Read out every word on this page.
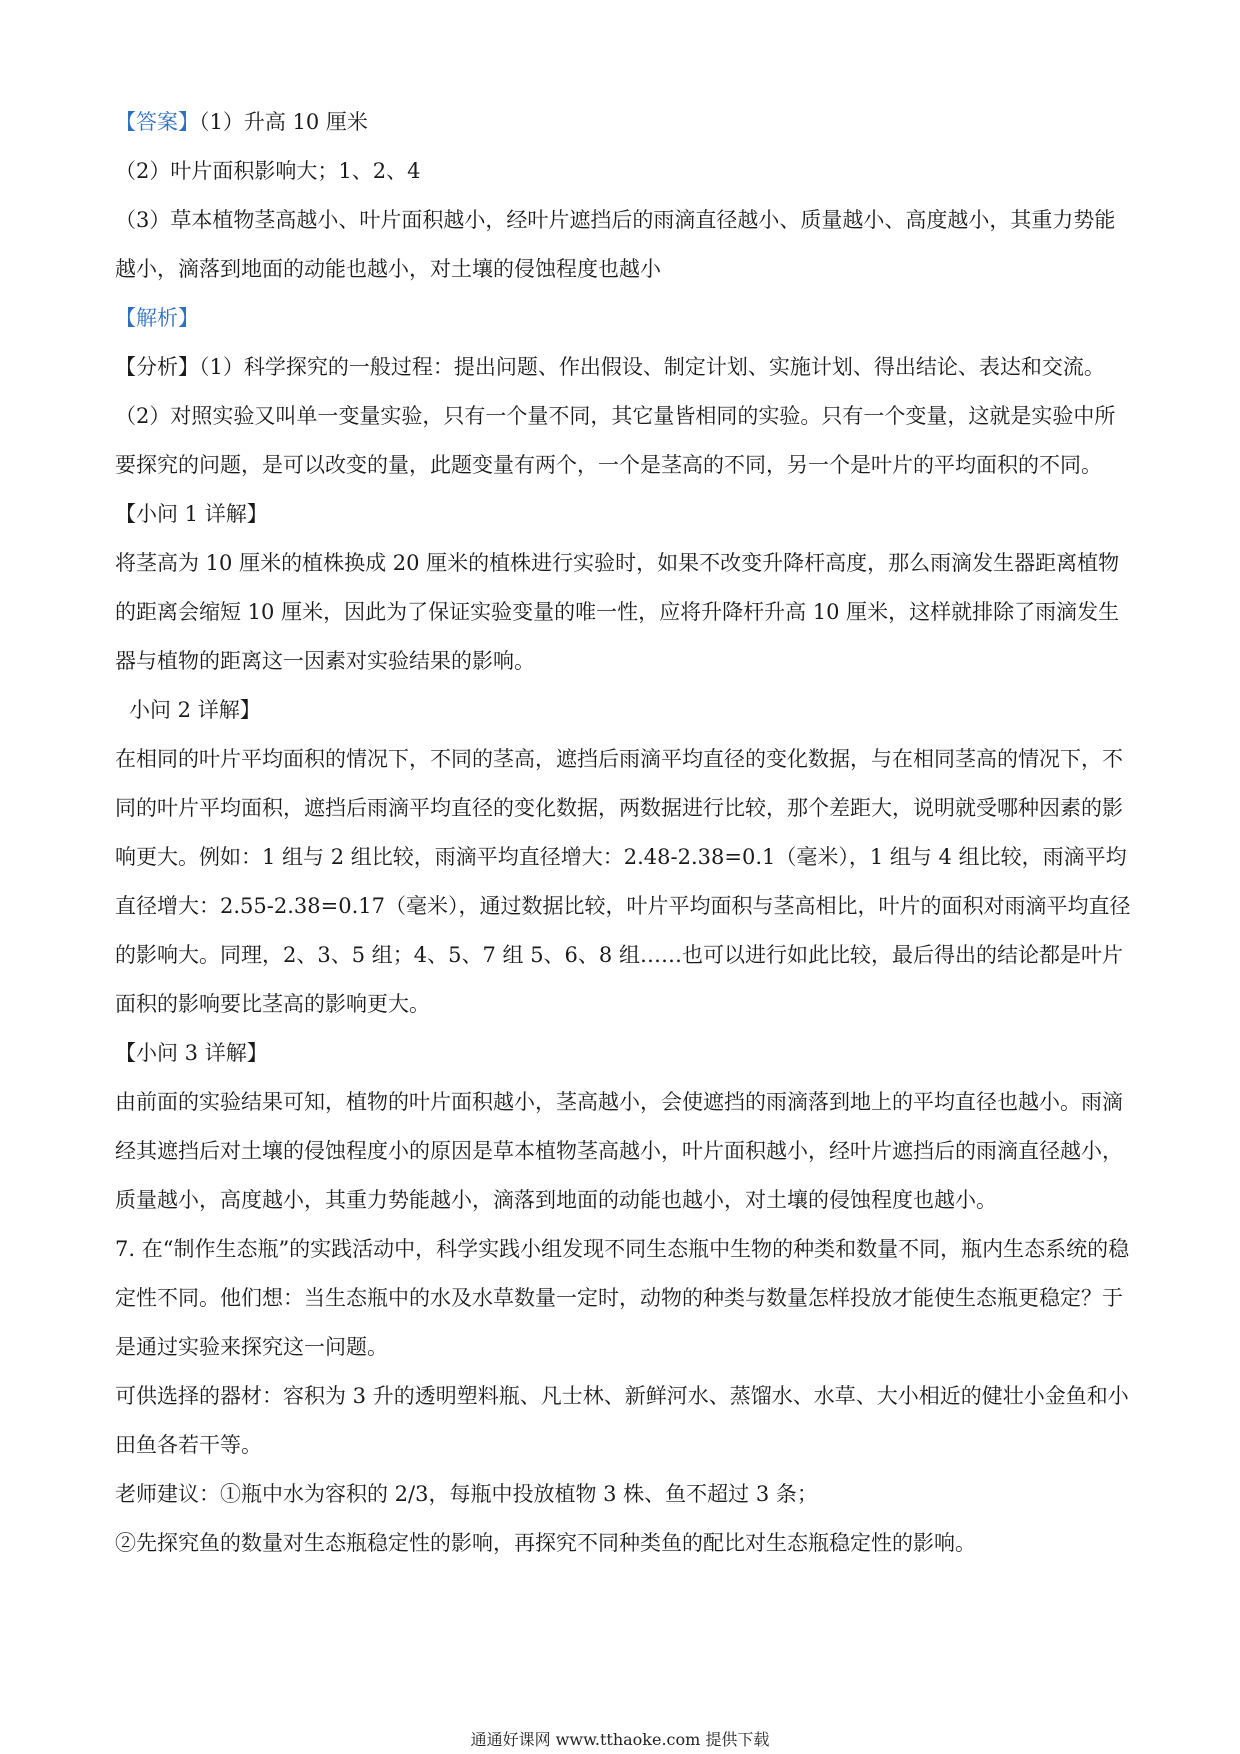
【答案】（1）升高 10 厘米

（2）叶片面积影响大；1、2、4

（3）草本植物茎高越小、叶片面积越小，经叶片遮挡后的雨滴直径越小、质量越小、高度越小，其重力势能越小，滴落到地面的动能也越小，对土壤的侵蚀程度也越小

【解析】

【分析】（1）科学探究的一般过程：提出问题、作出假设、制定计划、实施计划、得出结论、表达和交流。

（2）对照实验又叫单一变量实验，只有一个量不同，其它量皆相同的实验。只有一个变量，这就是实验中所要探究的问题，是可以改变的量，此题变量有两个，一个是茎高的不同，另一个是叶片的平均面积的不同。

【小问 1 详解】

将茎高为 10 厘米的植株换成 20 厘米的植株进行实验时，如果不改变升降杆高度，那么雨滴发生器距离植物的距离会缩短 10 厘米，因此为了保证实验变量的唯一性，应将升降杆升高 10 厘米，这样就排除了雨滴发生器与植物的距离这一因素对实验结果的影响。

小问 2 详解】

在相同的叶片平均面积的情况下，不同的茎高，遮挡后雨滴平均直径的变化数据，与在相同茎高的情况下，不同的叶片平均面积，遮挡后雨滴平均直径的变化数据，两数据进行比较，那个差距大，说明就受哪种因素的影响更大。例如：1 组与 2 组比较，雨滴平均直径增大：2.48-2.38=0.1（毫米），1 组与 4 组比较，雨滴平均直径增大：2.55-2.38=0.17（毫米），通过数据比较，叶片平均面积与茎高相比，叶片的面积对雨滴平均直径的影响大。同理，2、3、5 组；4、5、7 组 5、6、8 组……也可以进行如此比较，最后得出的结论都是叶片面积的影响要比茎高的影响更大。

【小问 3 详解】

由前面的实验结果可知，植物的叶片面积越小，茎高越小，会使遮挡的雨滴落到地上的平均直径也越小。雨滴经其遮挡后对土壤的侵蚀程度小的原因是草本植物茎高越小，叶片面积越小，经叶片遮挡后的雨滴直径越小，质量越小，高度越小，其重力势能越小，滴落到地面的动能也越小，对土壤的侵蚀程度也越小。

7. 在“制作生态瓶”的实践活动中，科学实践小组发现不同生态瓶中生物的种类和数量不同，瓶内生态系统的稳定性不同。他们想：当生态瓶中的水及水草数量一定时，动物的种类与数量怎样投放才能使生态瓶更稳定？于是通过实验来探究这一问题。

可供选择的器材：容积为 3 升的透明塑料瓶、凡士林、新鲜河水、蒸馏水、水草、大小相近的健壮小金鱼和小田鱼各若干等。

老师建议：①瓶中水为容积的 2/3，每瓶中投放植物 3 株、鱼不超过 3 条；

②先探究鱼的数量对生态瓶稳定性的影响，再探究不同种类鱼的配比对生态瓶稳定性的影响。

通通好课网 www.tthaoke.com 提供下载
